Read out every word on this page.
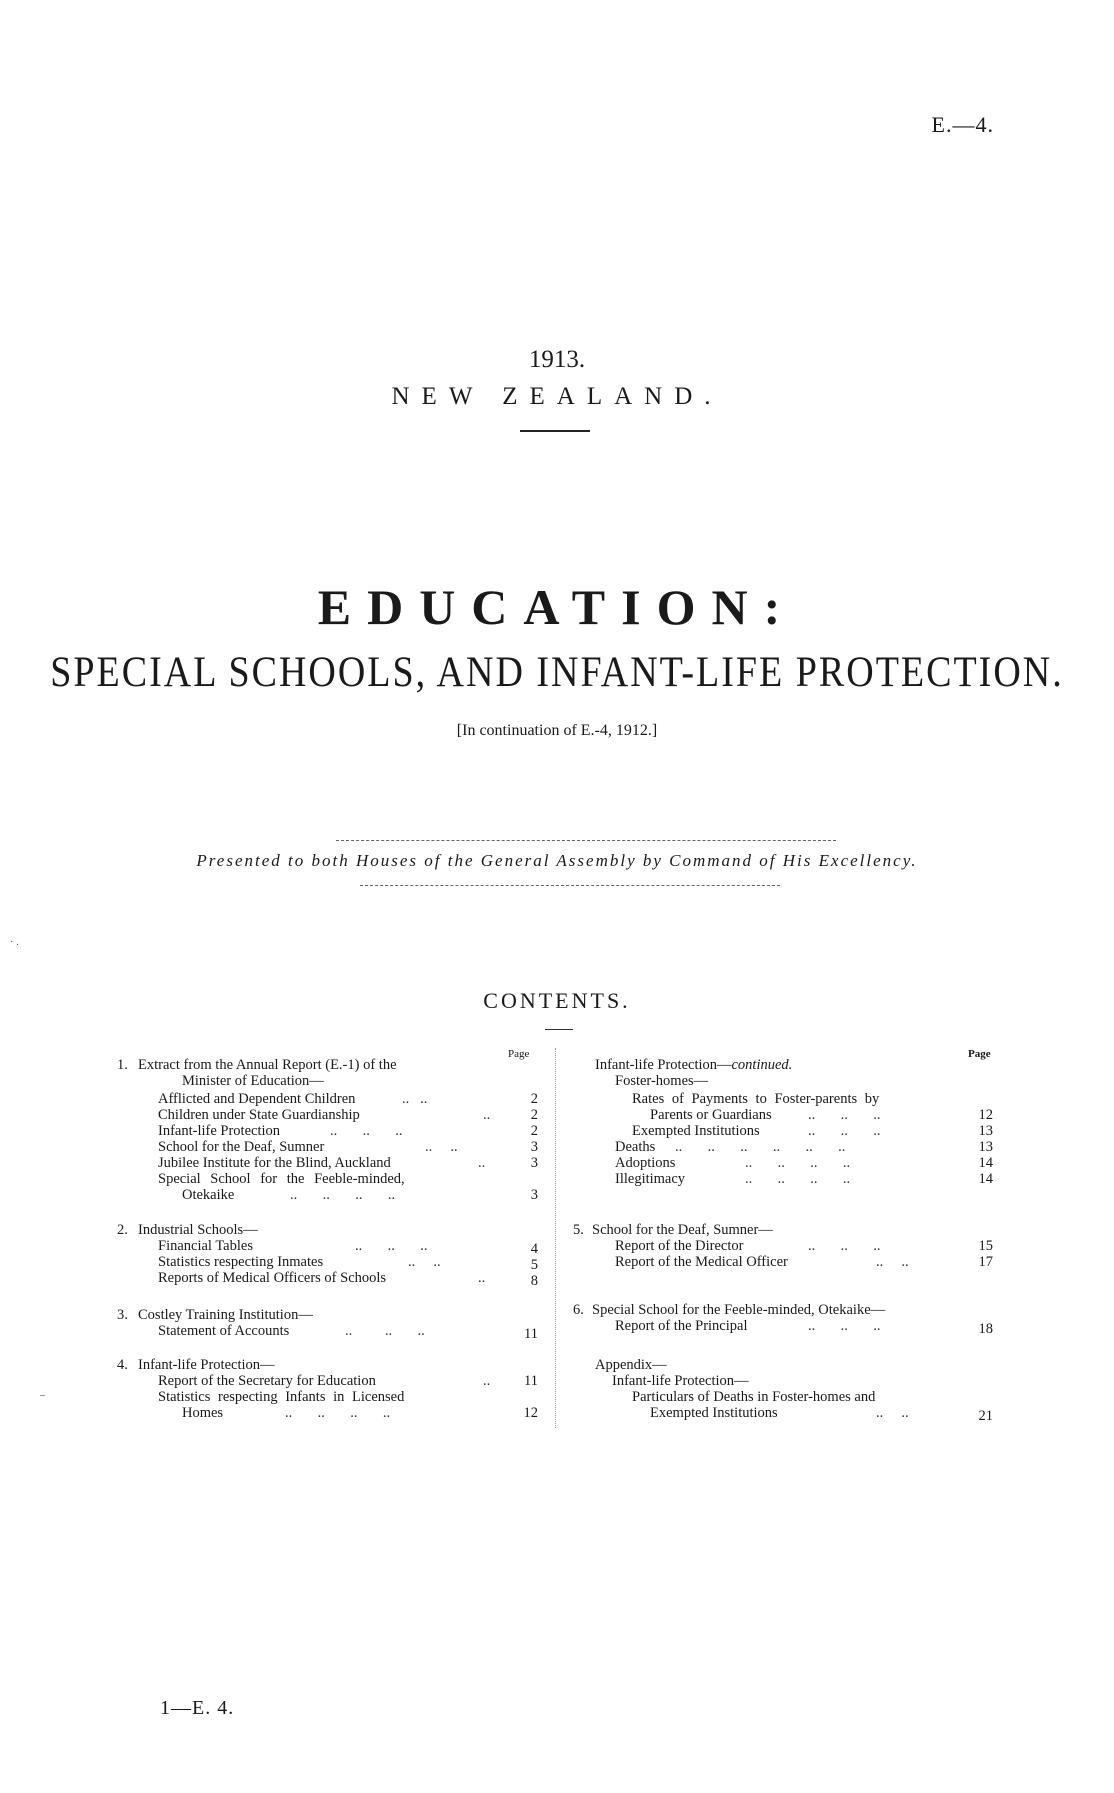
E.—4.
1913.
NEW ZEALAND.
EDUCATION:
SPECIAL SCHOOLS, AND INFANT-LIFE PROTECTION.
[In continuation of E.-4, 1912.]
Presented to both Houses of the General Assembly by Command of His Excellency.
CONTENTS.
Page	Page
1. Extract from the Annual Report (E.-1) of the
Minister of Education—
Afflicted and Dependent Children	..   ..	2
Children under State Guardianship	..	2
Infant-life Protection	..       ..       ..	2
School for the Deaf, Sumner	..     ..	3
Jubilee Institute for the Blind, Auckland	..	3
Special School for the Feeble-minded,
Otekaike	..       ..       ..       ..	3
2. Industrial Schools—
Financial Tables	..       ..       ..	4
Statistics respecting Inmates	..     ..	5
Reports of Medical Officers of Schools	..	8
3. Costley Training Institution—
Statement of Accounts	..         ..       ..	11
4. Infant-life Protection—
Report of the Secretary for Education	..	11
Statistics respecting Infants in Licensed
Homes	..       ..       ..       ..	12
Infant-life Protection—continued.
Foster-homes—
Rates of Payments to Foster-parents by
Parents or Guardians	..       ..       ..	12
Exempted Institutions	..       ..       ..	13
Deaths ..       ..       ..       ..       ..       ..	13
Adoptions	..       ..       ..       ..	14
Illegitimacy	..       ..       ..       ..	14
5. School for the Deaf, Sumner—
Report of the Director	..       ..       ..	15
Report of the Medical Officer	..     ..	17
6. Special School for the Feeble-minded, Otekaike—
Report of the Principal	..       ..       ..	18
Appendix—
Infant-life Protection—
Particulars of Deaths in Foster-homes and
Exempted Institutions	..     ..	21
˙ ·
–
1—E. 4.
